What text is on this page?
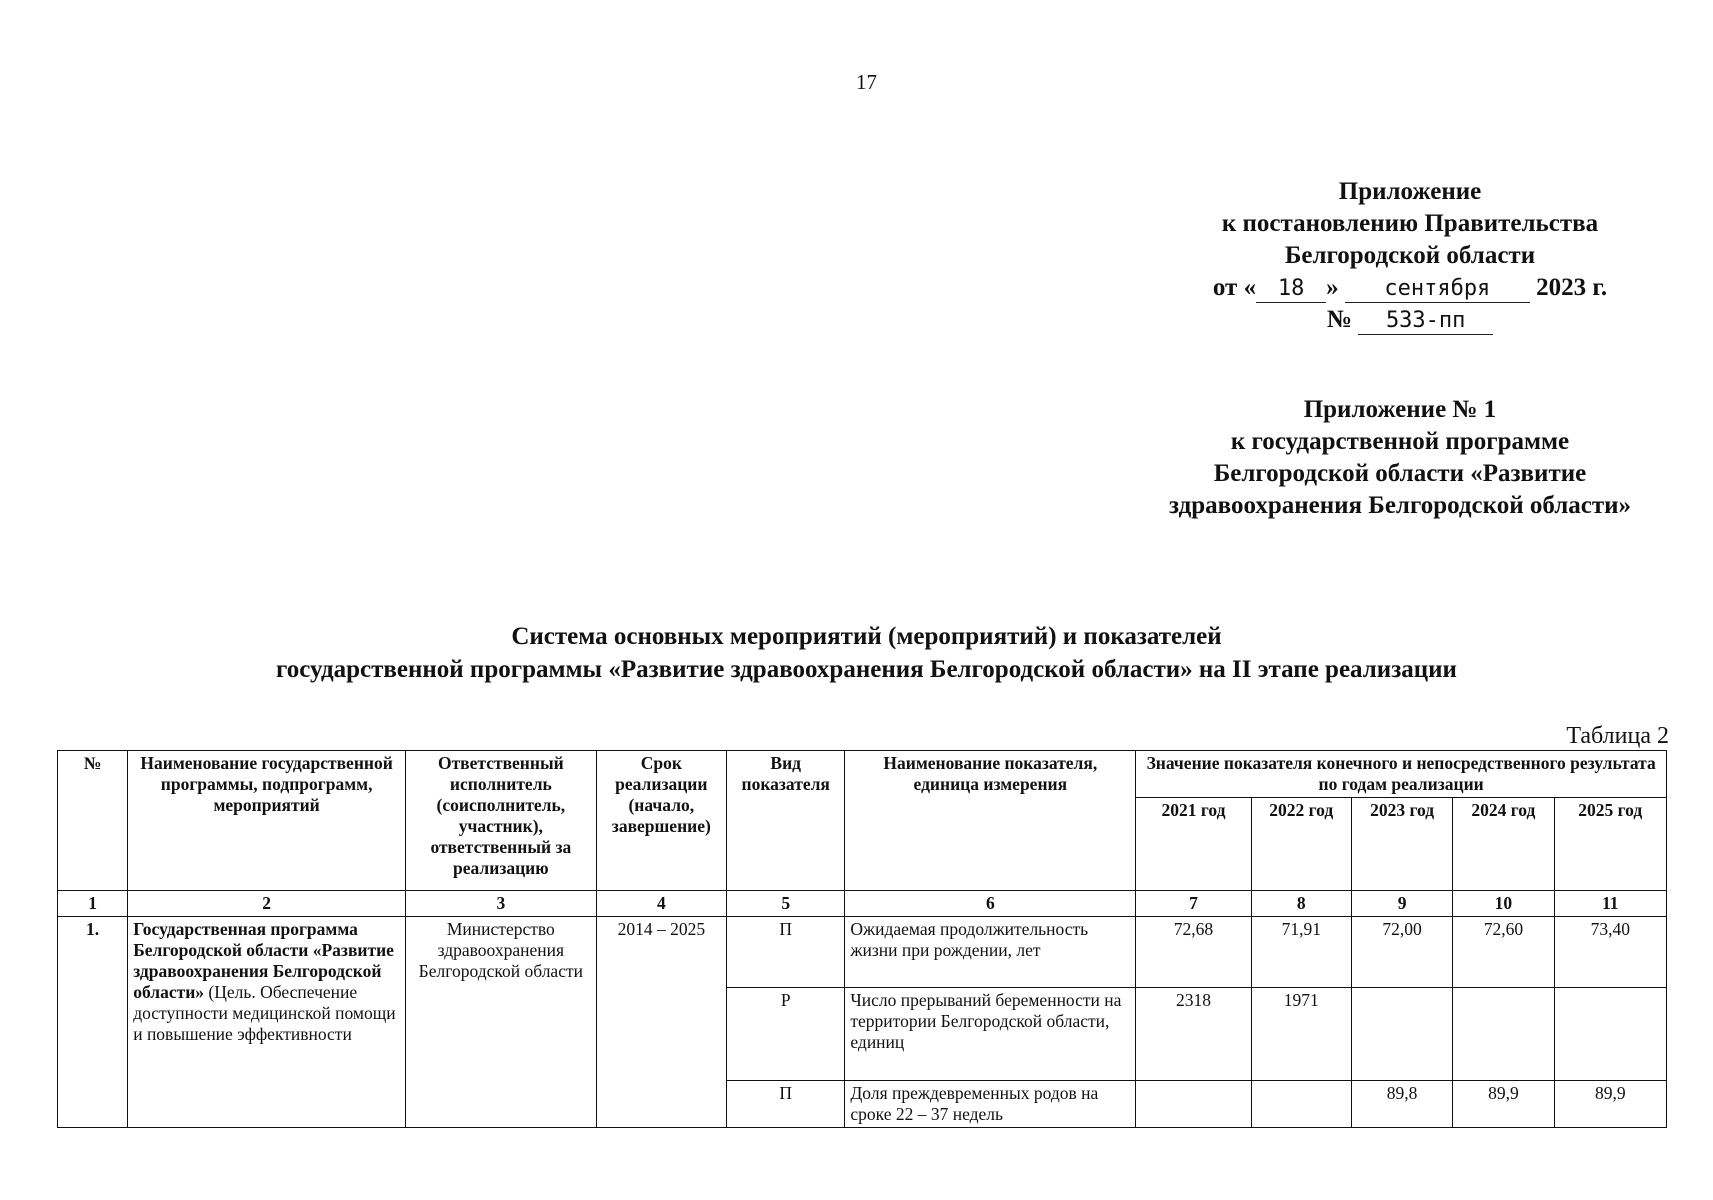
17
Приложение
к постановлению Правительства
Белгородской области
от « 18 » сентября 2023 г.
№ 533-пп
Приложение № 1
к государственной программе
Белгородской области «Развитие
здравоохранения Белгородской области»
Система основных мероприятий (мероприятий) и показателей
государственной программы «Развитие здравоохранения Белгородской области» на II этапе реализации
Таблица 2
№	Наименование государственной программы, подпрограмм, мероприятий	Ответственный исполнитель (соисполнитель, участник), ответственный за реализацию	Срок реализации (начало, завершение)	Вид показателя	Наименование показателя, единица измерения	Значение показателя конечного и непосредственного результата по годам реализации				
						2021 год	2022 год	2023 год	2024 год	2025 год
1	2	3	4	5	6	7	8	9	10	11
1.	Государственная программа Белгородской области «Развитие здравоохранения Белгородской области» (Цель. Обеспечение доступности медицинской помощи и повышение эффективности	Министерство здравоохранения Белгородской области	2014 – 2025	П	Ожидаемая продолжительность жизни при рождении, лет	72,68	71,91	72,00	72,60	73,40
				Р	Число прерываний беременности на территории Белгородской области, единиц	2318	1971			
				П	Доля преждевременных родов на сроке 22 – 37 недель			89,8	89,9	89,9
